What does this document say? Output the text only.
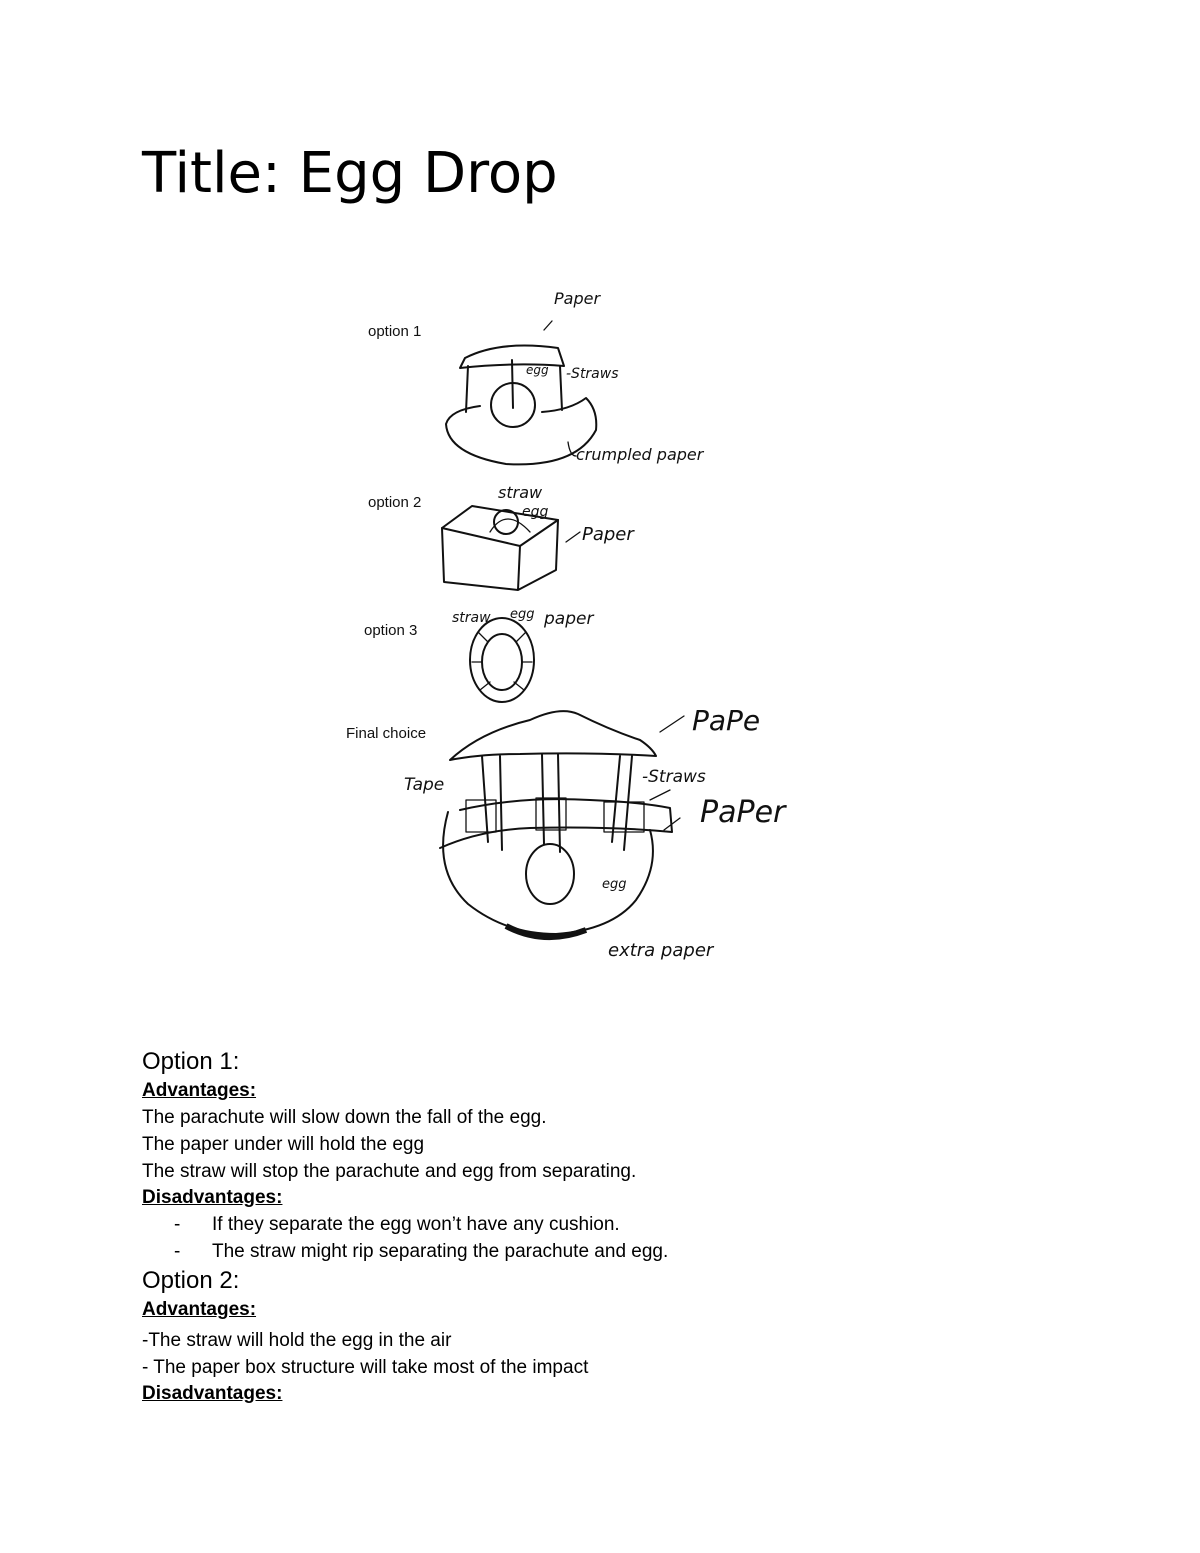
Title: Egg Drop
option 1
Paper
egg -Straws
crumpled paper
option 2
straw
egg
Paper
option 3
straw egg paper
Final choice	PaPe
Tape	-Straws
PaPer
egg
extra paper
Option 1:

Advantages:

The parachute will slow down the fall of the egg.

The paper under will hold the egg

The straw will stop the parachute and egg from separating.

Disadvantages:

- If they separate the egg won’t have any cushion.
- The straw might rip separating the parachute and egg.
Option 2:

Advantages:

-The straw will hold the egg in the air

- The paper box structure will take most of the impact

Disadvantages:
